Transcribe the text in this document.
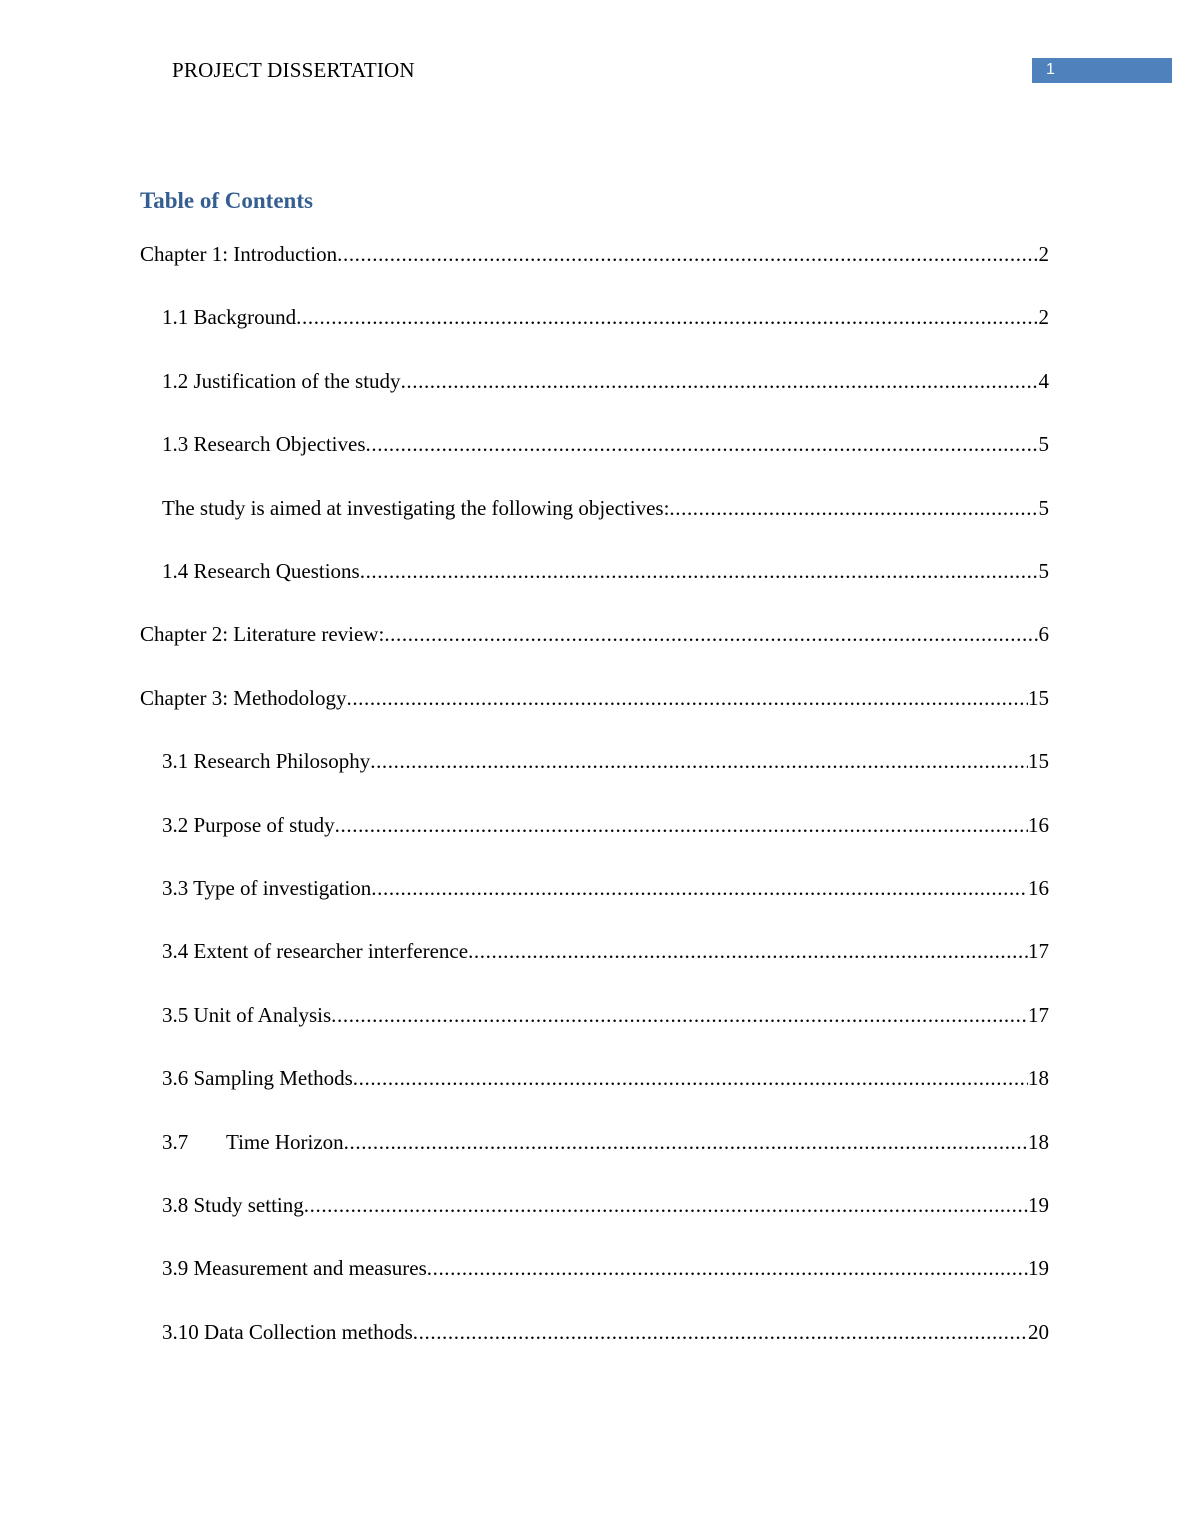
PROJECT DISSERTATION	1
Table of Contents
Chapter 1: Introduction .....	2
1.1 Background .....	2
1.2 Justification of the study .....	4
1.3 Research Objectives .....	5
The study is aimed at investigating the following objectives: .....	5
1.4 Research Questions .....	5
Chapter 2: Literature review: .....	6
Chapter 3: Methodology .....	15
3.1 Research Philosophy .....	15
3.2 Purpose of study .....	16
3.3 Type of investigation .....	16
3.4 Extent of researcher interference .....	17
3.5 Unit of Analysis .....	17
3.6 Sampling Methods .....	18
3.7	Time Horizon .....	18
3.8 Study setting .....	19
3.9 Measurement and measures .....	19
3.10 Data Collection methods .....	20
